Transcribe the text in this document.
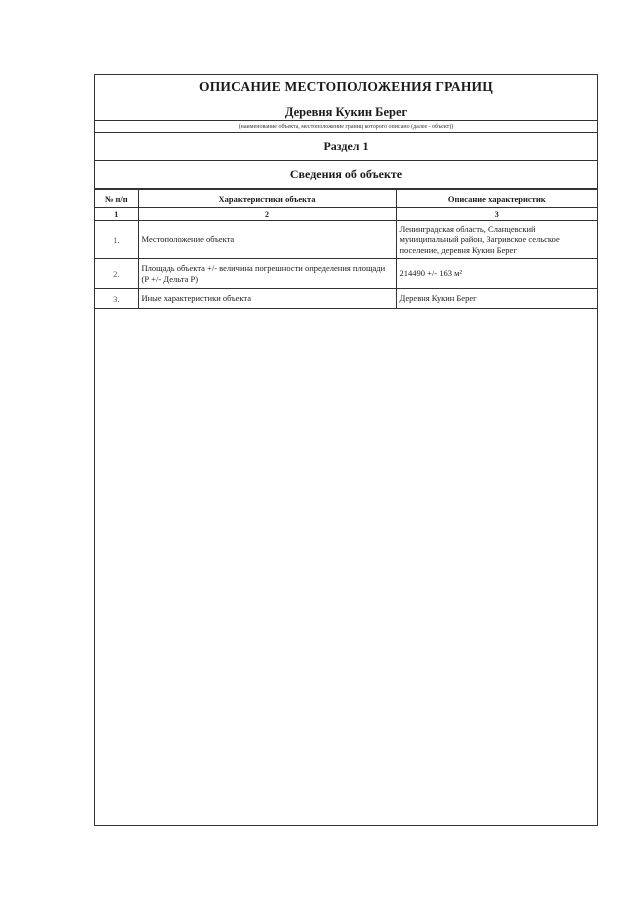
ОПИСАНИЕ МЕСТОПОЛОЖЕНИЯ ГРАНИЦ
Деревня Кукин Берег
(наименование объекта, местоположение границ которого описано (далее - объект))
Раздел 1
Сведения об объекте
№ п/п	Характеристики объекта	Описание характеристик
1	2	3
1.	Местоположение объекта	Ленинградская область, Сланцевский муниципальный район, Загривское сельское поселение, деревня Кукин Берег
2.	Площадь объекта +/- величина погрешности определения площади (Р +/- Дельта Р)	214490 +/- 163 м²
3.	Иные характеристики объекта	Деревня Кукин Берег
